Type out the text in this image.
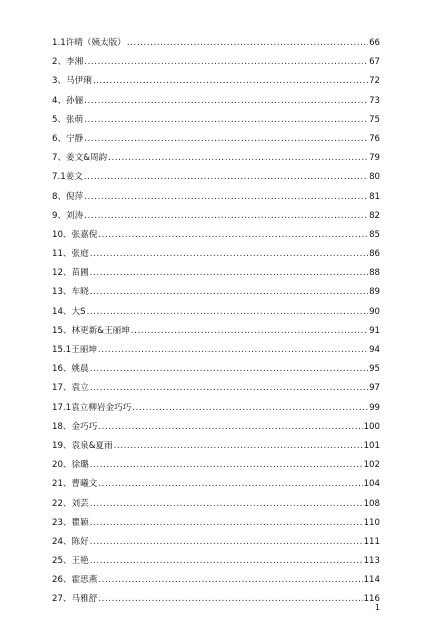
1.1许晴（姨太版） .....	66
2、李湘 .....	67
3、马伊琍 .....	72
4、孙俪 .....	73
5、张萌 .....	75
6、宁静 .....	76
7、姜文&周韵 .....	79
7.1姜文 .....	80
8、倪萍 .....	81
9、刘涛 .....	82
10、张嘉倪 .....	85
11、张庭 .....	86
12、苗圃 .....	88
13、车晓 .....	89
14、大S .....	90
15、林更新&王丽坤 .....	91
15.1王丽坤 .....	94
16、姚晨 .....	95
17、袁立 .....	97
17.1袁立柳岩金巧巧 .....	99
18、金巧巧 .....	100
19、袁泉&夏雨 .....	101
20、徐璐 .....	102
21、曹曦文 .....	104
22、刘芸 .....	108
23、瞿颖 .....	110
24、陈好 .....	111
25、王艳 .....	113
26、霍思燕 .....	114
27、马雅舒 .....	116
1
